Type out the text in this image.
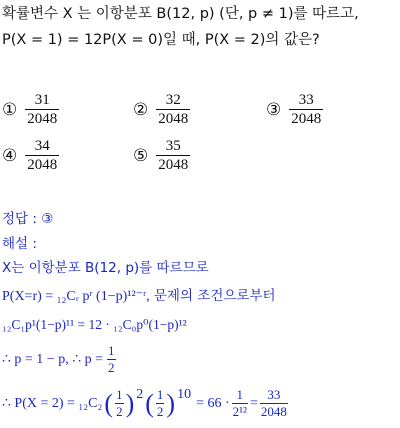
확률변수 X 는 이항분포 B(12, p) (단, p ≠ 1)를 따르고,
P(X = 1) = 12P(X = 0)일 때, P(X = 2)의 값은?
① $\frac{31}{2048}$	② $\frac{32}{2048}$	③ $\frac{33}{2048}$
④ $\frac{34}{2048}$	⑤ $\frac{35}{2048}$
정답 : ③
해설 :
X는 이항분포 B(12, p)를 따르므로
P(X=r) = ₁₂Cᵣ pʳ (1−p)¹²⁻ʳ, 문제의 조건으로부터
₁₂C₁p¹(1−p)¹¹ = 12 · ₁₂C₀p⁰(1−p)¹²
∴ p = 1 − p, ∴ p =
1
2
∴ P(X = 2) = ₁₂C₂ ( 1
2 ) 2 ( 1
2 ) 10
= 66 ·
1
2¹²
=
33
2048
